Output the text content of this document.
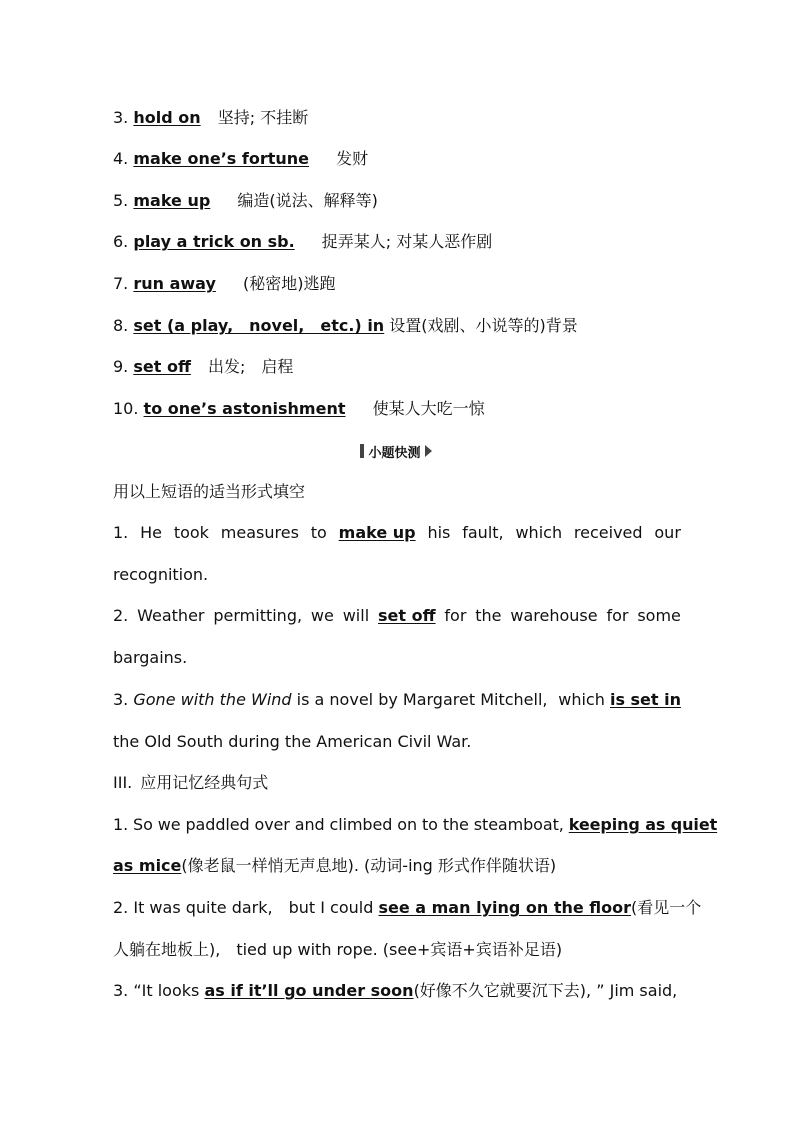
3. hold on 坚持; 不挂断
4. make one’s fortune 发财
5. make up 编造(说法、解释等)
6. play a trick on sb. 捉弄某人; 对某人恶作剧
7. run away (秘密地)逃跑
8. set (a play, novel, etc.) in 设置(戏剧、小说等的)背景
9. set off 出发; 启程
10. to one’s astonishment 使某人大吃一惊
小题快测
用以上短语的适当形式填空
1. He took measures to make up his fault, which received our
recognition.
2. Weather permitting, we will set off for the warehouse for some
bargains.
3. Gone with the Wind is a novel by Margaret Mitchell, which is set in
the Old South during the American Civil War.
III. 应用记忆经典句式
1. So we paddled over and climbed on to the steamboat, keeping as quiet
as mice(像老鼠一样悄无声息地). (动词-ing 形式作伴随状语)
2. It was quite dark, but I could see a man lying on the floor(看见一个
人躺在地板上), tied up with rope. (see+宾语+宾语补足语)
3. “It looks as if it’ll go under soon(好像不久它就要沉下去), ” Jim said,
